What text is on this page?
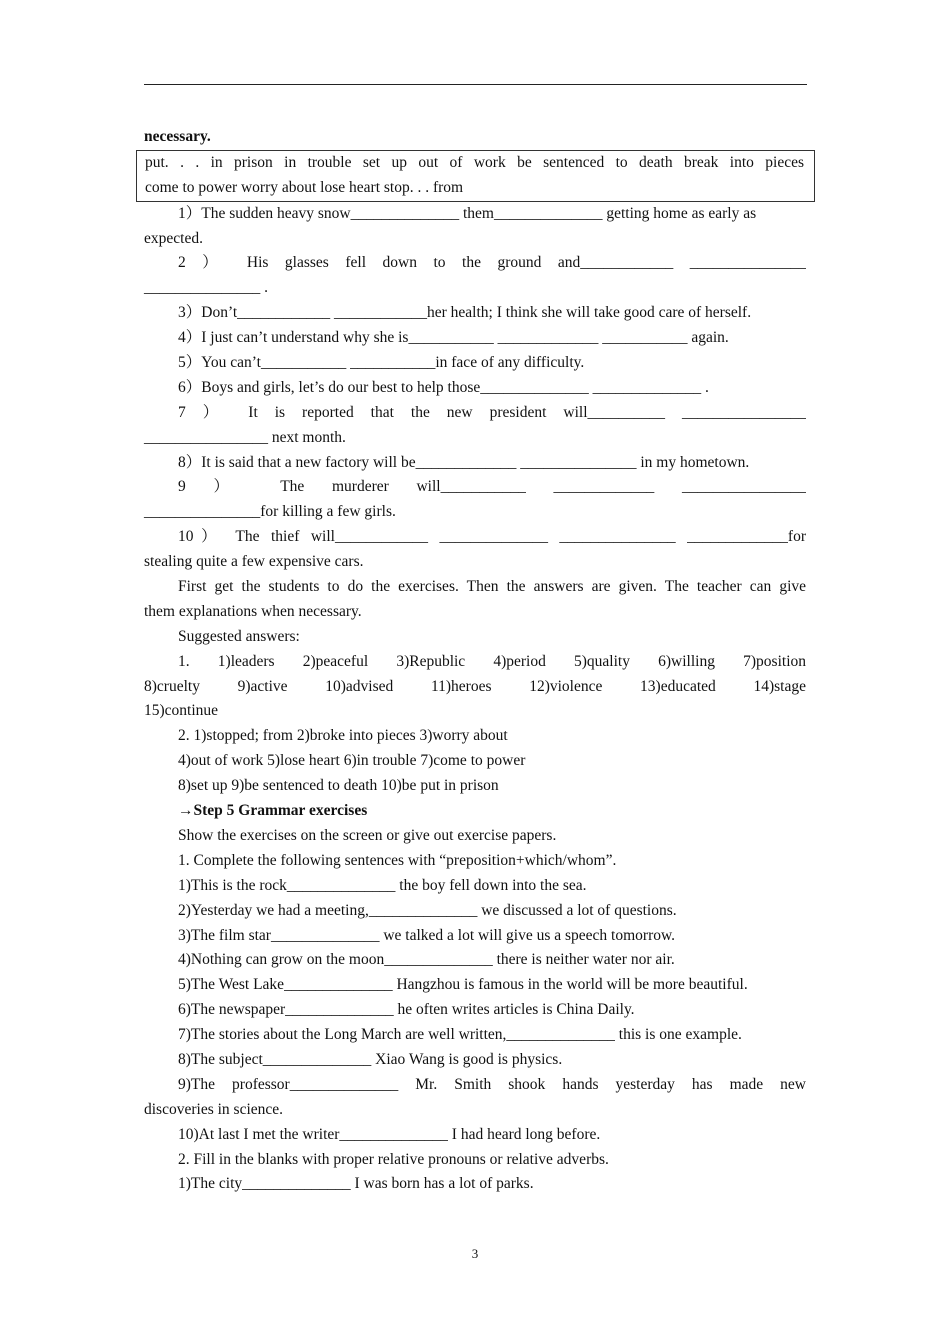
necessary.
put. . . in prison in trouble set up out of work be sentenced to death break into pieces
come to power worry about lose heart stop. . . from
1）The sudden heavy snow______________ them______________ getting home as early as
expected.
2 ） His glasses fell down to the ground and____________ _______________
_______________ .
3）Don’t____________ ____________her health; I think she will take good care of herself.
4）I just can’t understand why she is___________ _____________ ___________ again.
5）You can’t___________ ___________in face of any difficulty.
6）Boys and girls, let’s do our best to help those______________ ______________ .
7 ） It is reported that the new president will__________ ________________
________________ next month.
8）It is said that a new factory will be_____________ _______________ in my hometown.
9 ） The murderer will___________ _____________ ________________
_______________for killing a few girls.
10） The thief will____________ ______________ _______________ _____________for
stealing quite a few expensive cars.
First get the students to do the exercises. Then the answers are given. The teacher can give
them explanations when necessary.
Suggested answers:
1. 1)leaders 2)peaceful 3)Republic 4)period 5)quality 6)willing 7)position
8)cruelty 9)active 10)advised 11)heroes 12)violence 13)educated 14)stage
15)continue
2. 1)stopped; from 2)broke into pieces 3)worry about
4)out of work 5)lose heart 6)in trouble 7)come to power
8)set up 9)be sentenced to death 10)be put in prison
→Step 5 Grammar exercises
Show the exercises on the screen or give out exercise papers.
1. Complete the following sentences with “preposition+which/whom”.
1)This is the rock______________ the boy fell down into the sea.
2)Yesterday we had a meeting,______________ we discussed a lot of questions.
3)The film star______________ we talked a lot will give us a speech tomorrow.
4)Nothing can grow on the moon______________ there is neither water nor air.
5)The West Lake______________ Hangzhou is famous in the world will be more beautiful.
6)The newspaper______________ he often writes articles is China Daily.
7)The stories about the Long March are well written,______________ this is one example.
8)The subject______________ Xiao Wang is good is physics.
9)The professor______________ Mr. Smith shook hands yesterday has made new
discoveries in science.
10)At last I met the writer______________ I had heard long before.
2. Fill in the blanks with proper relative pronouns or relative adverbs.
1)The city______________ I was born has a lot of parks.
3
